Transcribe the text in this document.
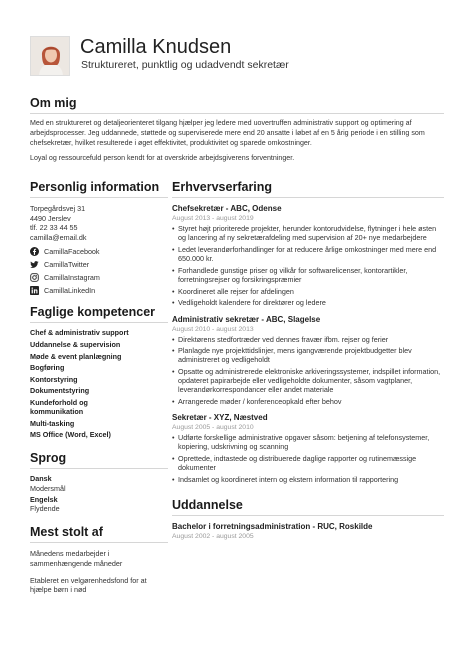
Camilla Knudsen
Struktureret, punktlig og udadvendt sekretær
Om mig

Med en struktureret og detaljeorienteret tilgang hjælper jeg ledere med uovertruffen administrativ support og optimering af arbejdsprocesser. Jeg uddannede, støttede og superviserede mere end 20 ansatte i løbet af en 5 årig periode i en stilling som chefsekretær, hvilket resulterede i øget effektivitet, produktivitet og sparede omkostninger.

Loyal og ressourcefuld person kendt for at overskride arbejdsgiverens forventninger.

Personlig information
Torpegårdsvej 31
4490 Jerslev
tlf. 22 33 44 55
camilla@email.dk
CamillaFacebook
CamillaTwitter
CamillaInstagram
CamillaLinkedIn
Faglige kompetencer
Chef & administrativ support
Uddannelse & supervision
Møde & event planlægning
Bogføring
Kontorstyring
Dokumentstyring
Kundeforhold og kommunikation
Multi-tasking
MS Office (Word, Excel)
Sprog
Dansk
Modersmål
Engelsk
Flydende
Mest stolt af

Månedens medarbejder i sammenhængende måneder

Etableret en velgørenhedsfond for at hjælpe børn i nød

Erhvervserfaring
Chefsekretær - ABC, Odense
August 2013 - august 2019
• Styret højt prioriterede projekter, herunder kontorudvidelse, flytninger i hele østen og lancering af ny sekretærafdeling med supervision af 20+ nye medarbejdere
• Ledet leverandørforhandlinger for at reducere årlige omkostninger med mere end 650.000 kr.
• Forhandlede gunstige priser og vilkår for softwarelicenser, kontorartikler, forretningsrejser og forsikringspræmier
• Koordineret alle rejser for afdelingen
• Vedligeholdt kalendere for direktører og ledere
Administrativ sekretær - ABC, Slagelse
August 2010 - august 2013
• Direktørens stedfortræder ved dennes fravær ifbm. rejser og ferier
• Planlagde nye projekttidslinjer, mens igangværende projektbudgetter blev administreret og vedligeholdt
• Opsatte og administrerede elektroniske arkiveringssystemer, indspillet information, opdateret papirarbejde eller vedligeholdte dokumenter, såsom vagtplaner, leverandørkorrespondancer eller andet materiale
• Arrangerede møder / konferenceopkald efter behov
Sekretær - XYZ, Næstved
August 2005 - august 2010
• Udførte forskellige administrative opgaver såsom: betjening af telefonsystemer, kopiering, udskrivning og scanning
• Oprettede, indtastede og distribuerede daglige rapporter og rutinemæssige dokumenter
• Indsamlet og koordineret intern og ekstern information til rapportering
Uddannelse
Bachelor i forretningsadministration - RUC, Roskilde
August 2002 - august 2005
